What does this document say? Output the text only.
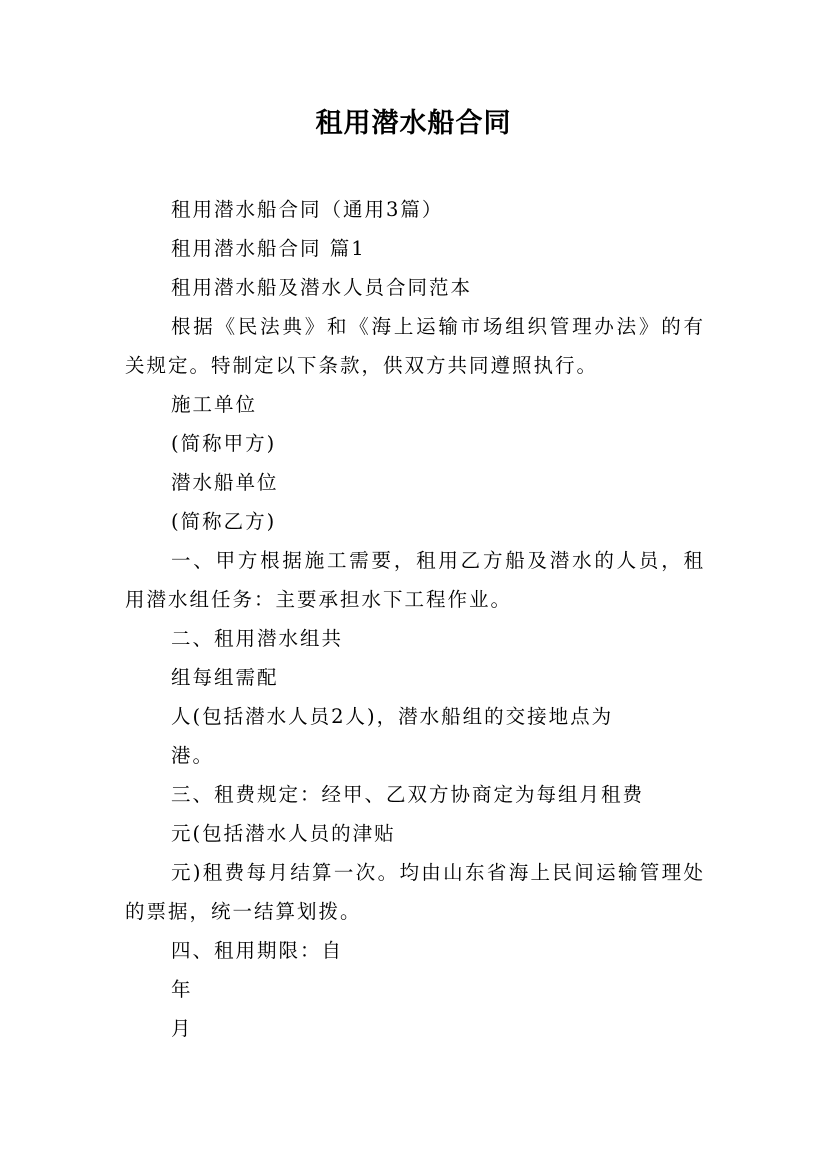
租用潜水船合同

租用潜水船合同（通用3篇）

租用潜水船合同 篇1

租用潜水船及潜水人员合同范本

根据《民法典》和《海上运输市场组织管理办法》的有关规定。特制定以下条款，供双方共同遵照执行。

施工单位

(简称甲方)

潜水船单位

(简称乙方)

一、甲方根据施工需要，租用乙方船及潜水的人员，租用潜水组任务：主要承担水下工程作业。

二、租用潜水组共

组每组需配

人(包括潜水人员2人)，潜水船组的交接地点为

港。

三、租费规定：经甲、乙双方协商定为每组月租费

元(包括潜水人员的津贴

元)租费每月结算一次。均由山东省海上民间运输管理处的票据，统一结算划拨。

四、租用期限：自

年

月
